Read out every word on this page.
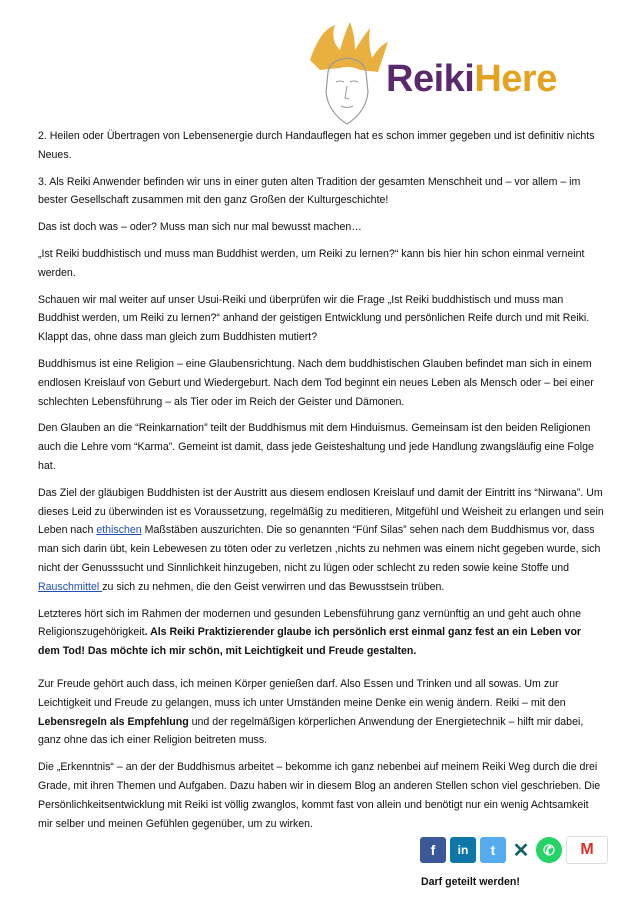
ReikiHere

2. Heilen oder Übertragen von Lebensenergie durch Handauflegen hat es schon immer gegeben und ist definitiv nichts Neues.

3. Als Reiki Anwender befinden wir uns in einer guten alten Tradition der gesamten Menschheit und – vor allem – im bester Gesellschaft zusammen mit den ganz Großen der Kulturgeschichte!

Das ist doch was – oder? Muss man sich nur mal bewusst machen…

„Ist Reiki buddhistisch und muss man Buddhist werden, um Reiki zu lernen?“ kann bis hier hin schon einmal verneint werden.

Schauen wir mal weiter auf unser Usui-Reiki und überprüfen wir die Frage „Ist Reiki buddhistisch und muss man Buddhist werden, um Reiki zu lernen?“ anhand der geistigen Entwicklung und persönlichen Reife durch und mit Reiki. Klappt das, ohne dass man gleich zum Buddhisten mutiert?

Buddhismus ist eine Religion – eine Glaubensrichtung. Nach dem buddhistischen Glauben befindet man sich in einem endlosen Kreislauf von Geburt und Wiedergeburt. Nach dem Tod beginnt ein neues Leben als Mensch oder – bei einer schlechten Lebensführung – als Tier oder im Reich der Geister und Dämonen.

Den Glauben an die “Reinkarnation” teilt der Buddhismus mit dem Hinduismus. Gemeinsam ist den beiden Religionen auch die Lehre vom “Karma”. Gemeint ist damit, dass jede Geisteshaltung und jede Handlung zwangsläufig eine Folge hat.

Das Ziel der gläubigen Buddhisten ist der Austritt aus diesem endlosen Kreislauf und damit der Eintritt ins “Nirwana”. Um dieses Leid zu überwinden ist es Voraussetzung, regelmäßig zu meditieren, Mitgefühl und Weisheit zu erlangen und sein Leben nach ethischen Maßstäben auszurichten. Die so genannten “Fünf Silas” sehen nach dem Buddhismus vor, dass man sich darin übt, kein Lebewesen zu töten oder zu verletzen ,nichts zu nehmen was einem nicht gegeben wurde, sich nicht der Genusssucht und Sinnlichkeit hinzugeben, nicht zu lügen oder schlecht zu reden sowie keine Stoffe und Rauschmittel zu sich zu nehmen, die den Geist verwirren und das Bewusstsein trüben.

Letzteres hört sich im Rahmen der modernen und gesunden Lebensführung ganz vernünftig an und geht auch ohne Religionszugehörigkeit. Als Reiki Praktizierender glaube ich persönlich erst einmal ganz fest an ein Leben vor dem Tod! Das möchte ich mir schön, mit Leichtigkeit und Freude gestalten.

Zur Freude gehört auch dass, ich meinen Körper genießen darf. Also Essen und Trinken und all sowas. Um zur Leichtigkeit und Freude zu gelangen, muss ich unter Umständen meine Denke ein wenig ändern. Reiki – mit den Lebensregeln als Empfehlung und der regelmäßigen körperlichen Anwendung der Energietechnik – hilft mir dabei, ganz ohne das ich einer Religion beitreten muss.

Die „Erkenntnis“ – an der der Buddhismus arbeitet – bekomme ich ganz nebenbei auf meinem Reiki Weg durch die drei Grade, mit ihren Themen und Aufgaben. Dazu haben wir in diesem Blog an anderen Stellen schon viel geschrieben. Die Persönlichkeitsentwicklung mit Reiki ist völlig zwanglos, kommt fast von allein und benötigt nur ein wenig Achtsamkeit mir selber und meinen Gefühlen gegenüber, um zu wirken.

f	in	t ✕ ✆	M
Darf geteilt werden!
